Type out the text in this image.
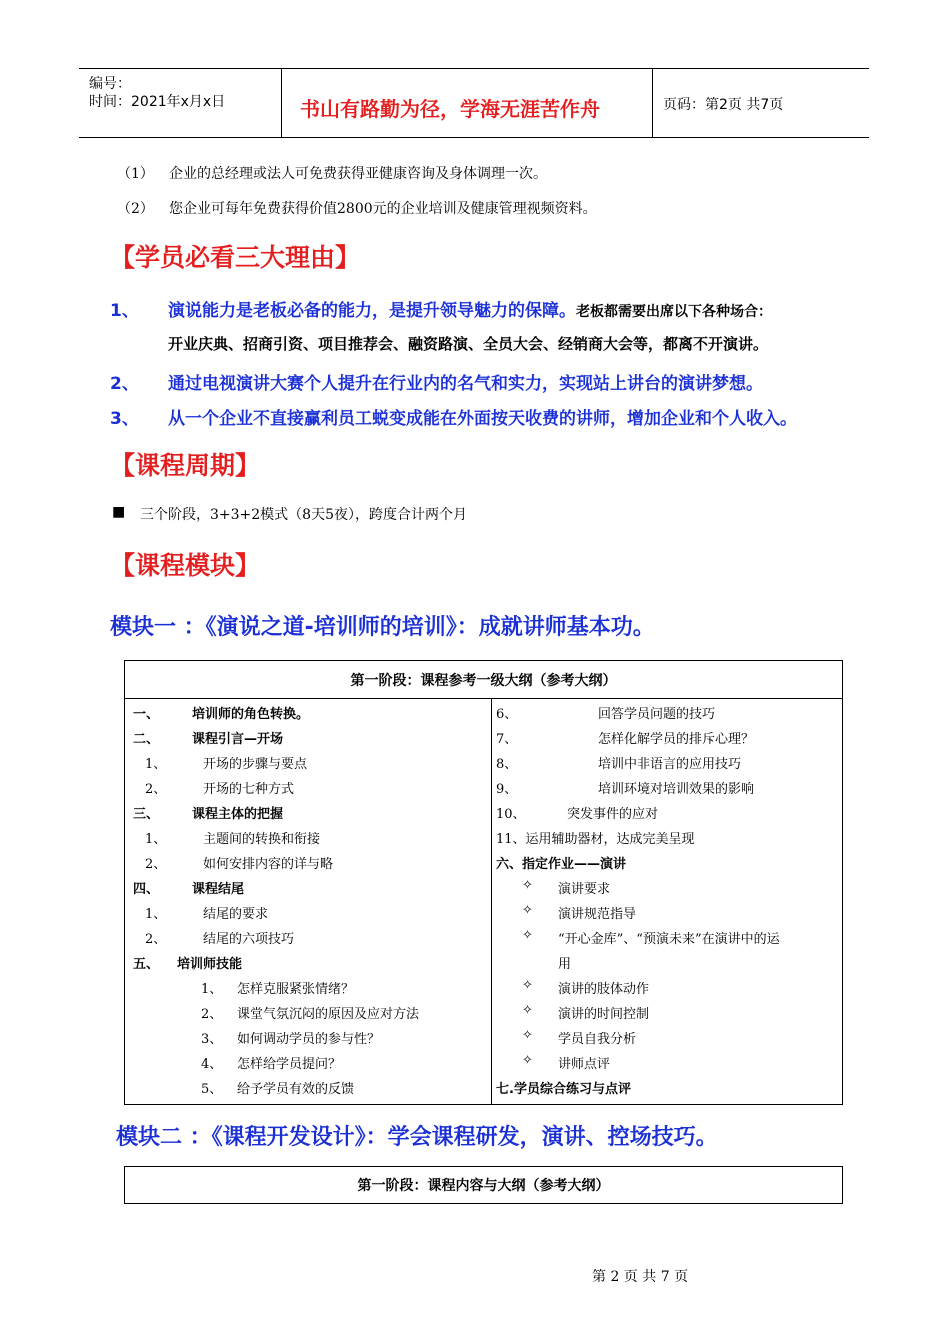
编号：
时间：2021年x月x日	书山有路勤为径，学海无涯苦作舟	页码：第2页 共7页
（1） 企业的总经理或法人可免费获得亚健康咨询及身体调理一次。
（2） 您企业可每年免费获得价值2800元的企业培训及健康管理视频资料。
【学员必看三大理由】
1、 演说能力是老板必备的能力，是提升领导魅力的保障。老板都需要出席以下各种场合：
开业庆典、招商引资、项目推荐会、融资路演、全员大会、经销商大会等，都离不开演讲。
2、 通过电视演讲大赛个人提升在行业内的名气和实力，实现站上讲台的演讲梦想。
3、 从一个企业不直接赢利员工蜕变成能在外面按天收费的讲师，增加企业和个人收入。
【课程周期】
■ 三个阶段，3+3+2模式（8天5夜），跨度合计两个月
【课程模块】
模块一 ：《演说之道-培训师的培训》：成就讲师基本功。
第一阶段：课程参考一级大纲（参考大纲）
一、	培训师的角色转换。
二、	课程引言—开场
1、	开场的步骤与要点
2、	开场的七种方式
三、	课程主体的把握
1、	主题间的转换和衔接
2、	如何安排内容的详与略
四、	课程结尾
1、	结尾的要求
2、	结尾的六项技巧
五、 培训师技能
1、 怎样克服紧张情绪？
2、 课堂气氛沉闷的原因及应对方法
3、 如何调动学员的参与性？
4、 怎样给学员提问？
5、 给予学员有效的反馈
6、	回答学员问题的技巧
7、	怎样化解学员的排斥心理？
8、	培训中非语言的应用技巧
9、	培训环境对培训效果的影响
10、	突发事件的应对
11、运用辅助器材，达成完美呈现
六、指定作业——演讲
✧ 演讲要求
✧ 演讲规范指导
✧ “开心金库”、“预演未来”在演讲中的运
用
✧ 演讲的肢体动作
✧ 演讲的时间控制
✧ 学员自我分析
✧ 讲师点评
七.学员综合练习与点评
模块二 ：《课程开发设计》：学会课程研发，演讲、控场技巧。
第一阶段：课程内容与大纲（参考大纲）
第 2 页 共 7 页
